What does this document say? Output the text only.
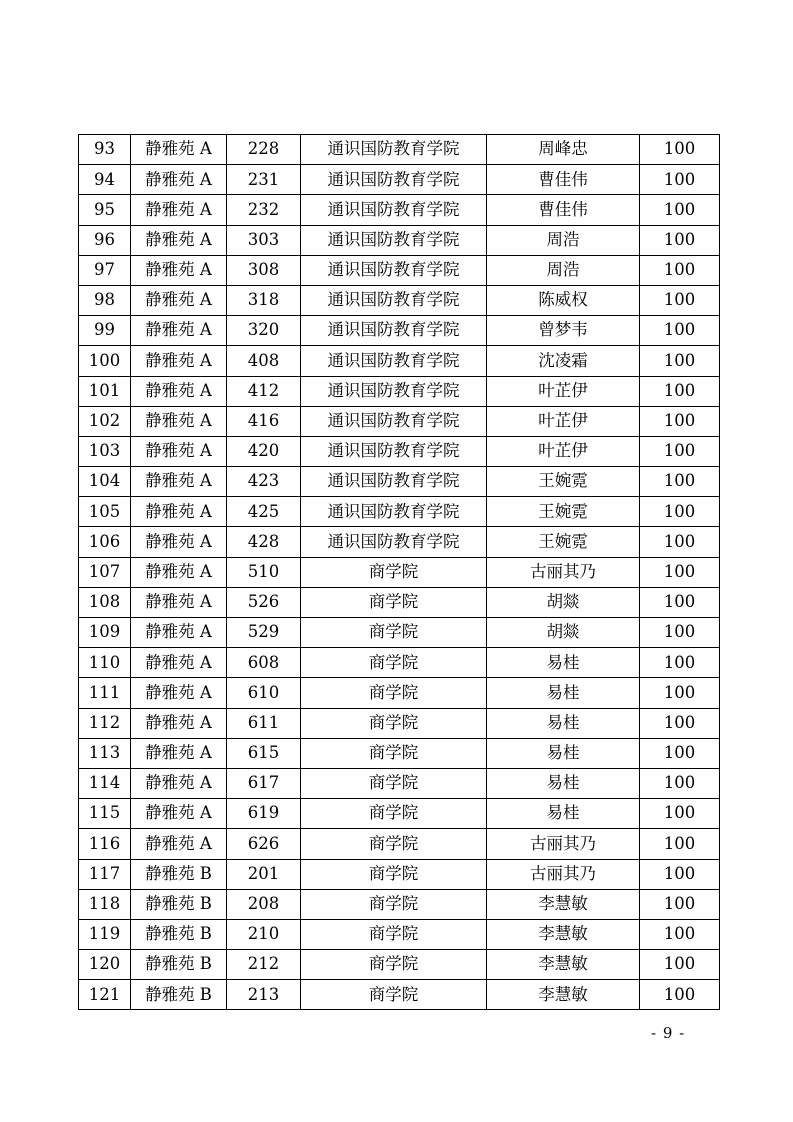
93	静雅苑 A	228	通识国防教育学院	周峰忠	100
94	静雅苑 A	231	通识国防教育学院	曹佳伟	100
95	静雅苑 A	232	通识国防教育学院	曹佳伟	100
96	静雅苑 A	303	通识国防教育学院	周浩	100
97	静雅苑 A	308	通识国防教育学院	周浩	100
98	静雅苑 A	318	通识国防教育学院	陈威权	100
99	静雅苑 A	320	通识国防教育学院	曾梦韦	100
100	静雅苑 A	408	通识国防教育学院	沈凌霜	100
101	静雅苑 A	412	通识国防教育学院	叶芷伊	100
102	静雅苑 A	416	通识国防教育学院	叶芷伊	100
103	静雅苑 A	420	通识国防教育学院	叶芷伊	100
104	静雅苑 A	423	通识国防教育学院	王婉霓	100
105	静雅苑 A	425	通识国防教育学院	王婉霓	100
106	静雅苑 A	428	通识国防教育学院	王婉霓	100
107	静雅苑 A	510	商学院	古丽其乃	100
108	静雅苑 A	526	商学院	胡燚	100
109	静雅苑 A	529	商学院	胡燚	100
110	静雅苑 A	608	商学院	易桂	100
111	静雅苑 A	610	商学院	易桂	100
112	静雅苑 A	611	商学院	易桂	100
113	静雅苑 A	615	商学院	易桂	100
114	静雅苑 A	617	商学院	易桂	100
115	静雅苑 A	619	商学院	易桂	100
116	静雅苑 A	626	商学院	古丽其乃	100
117	静雅苑 B	201	商学院	古丽其乃	100
118	静雅苑 B	208	商学院	李慧敏	100
119	静雅苑 B	210	商学院	李慧敏	100
120	静雅苑 B	212	商学院	李慧敏	100
121	静雅苑 B	213	商学院	李慧敏	100
- 9 -
